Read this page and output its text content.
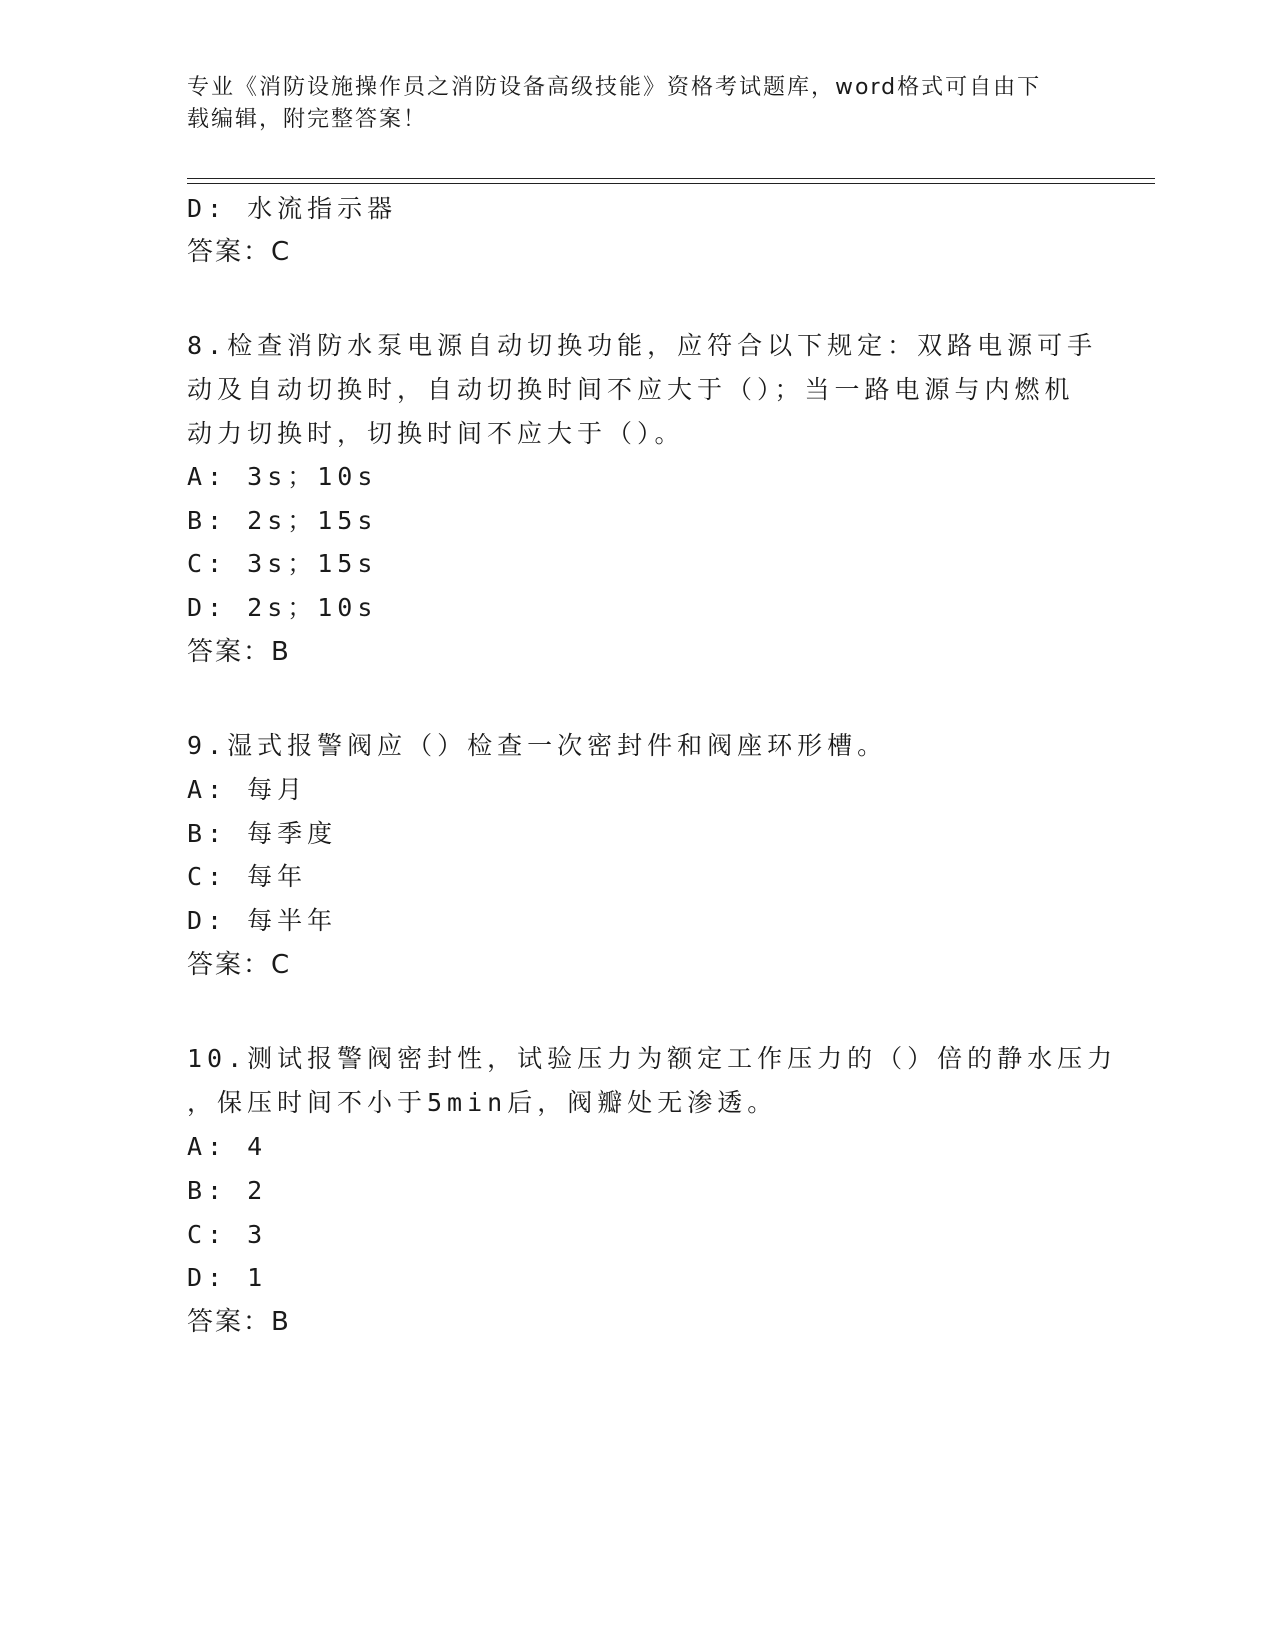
专业《消防设施操作员之消防设备高级技能》资格考试题库，word格式可自由下
载编辑，附完整答案！
D: 水流指示器
答案：C
8.检查消防水泵电源自动切换功能，应符合以下规定：双路电源可手
动及自动切换时，自动切换时间不应大于（）；当一路电源与内燃机
动力切换时，切换时间不应大于（）。
A: 3s；10s
B: 2s；15s
C: 3s；15s
D: 2s；10s
答案：B
9.湿式报警阀应（）检查一次密封件和阀座环形槽。
A: 每月
B: 每季度
C: 每年
D: 每半年
答案：C
10.测试报警阀密封性，试验压力为额定工作压力的（）倍的静水压力
，保压时间不小于5min后，阀瓣处无渗透。
A: 4
B: 2
C: 3
D: 1
答案：B
